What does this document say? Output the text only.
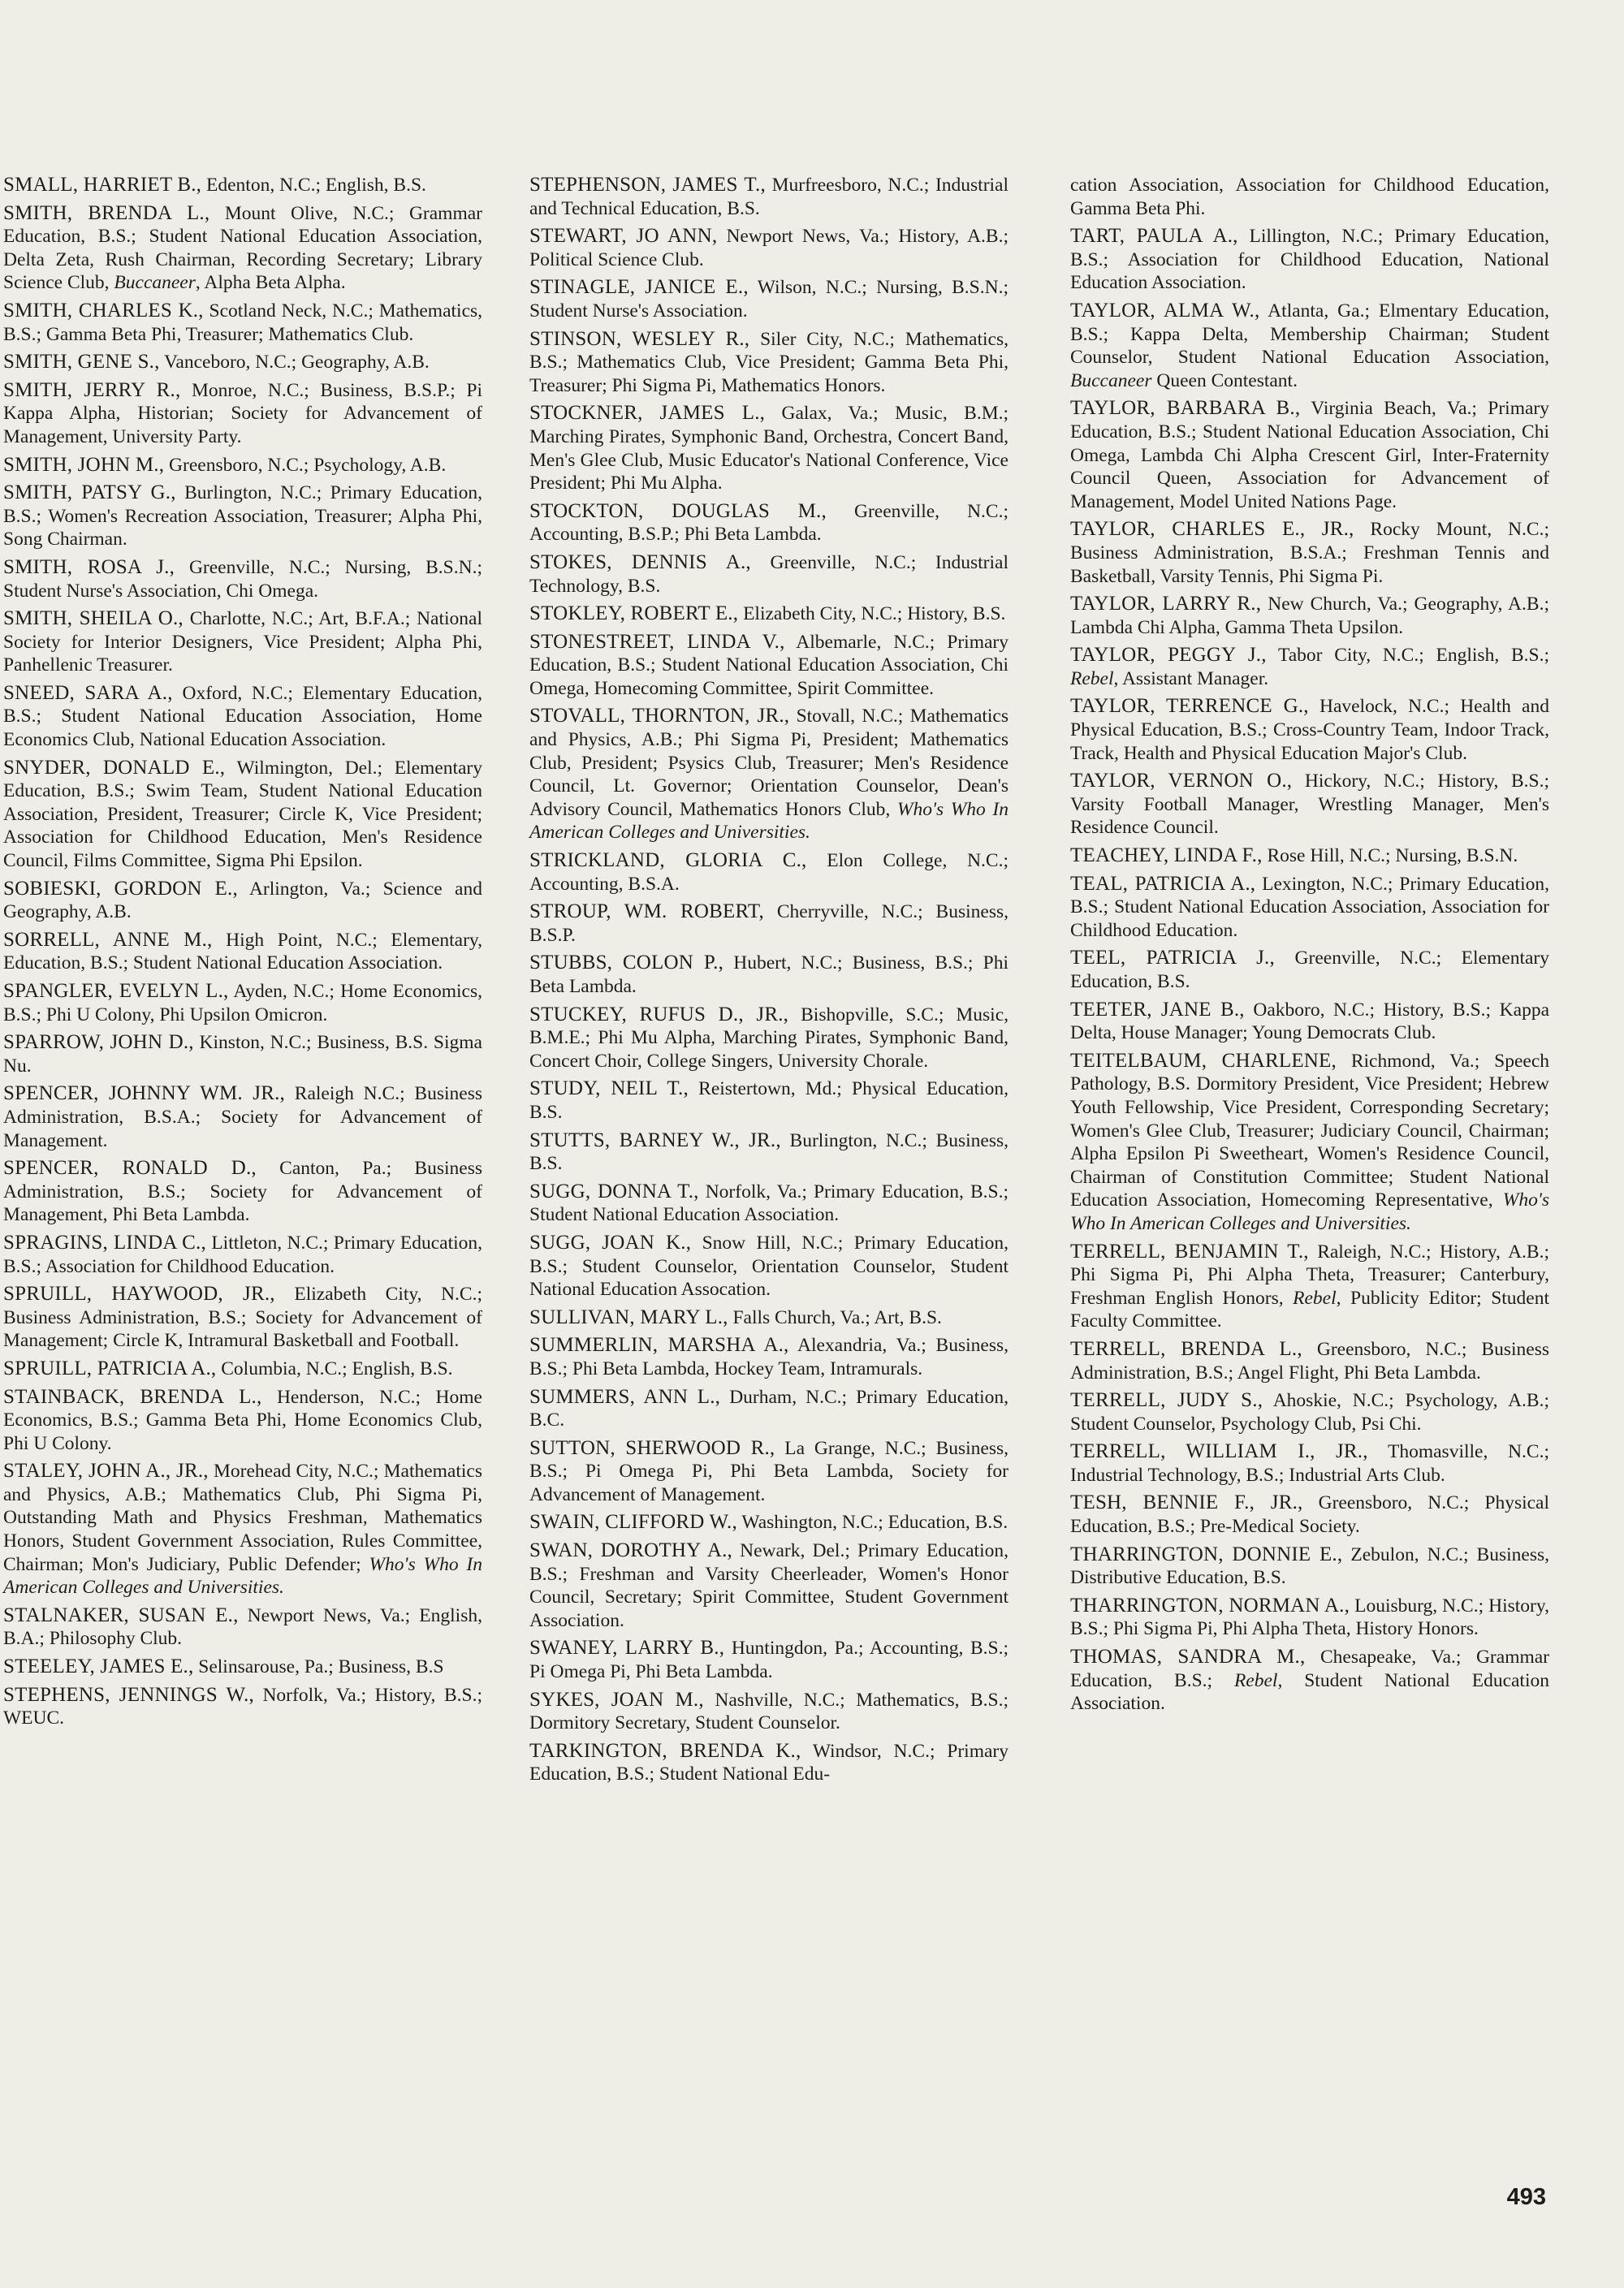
SMALL, HARRIET B., Edenton, N.C.; English, B.S.

SMITH, BRENDA L., Mount Olive, N.C.; Grammar Education, B.S.; Student National Education Association, Delta Zeta, Rush Chairman, Recording Secretary; Library Science Club, Buccaneer, Alpha Beta Alpha.

SMITH, CHARLES K., Scotland Neck, N.C.; Mathematics, B.S.; Gamma Beta Phi, Treasurer; Mathematics Club.

SMITH, GENE S., Vanceboro, N.C.; Geography, A.B.

SMITH, JERRY R., Monroe, N.C.; Business, B.S.P.; Pi Kappa Alpha, Historian; Society for Advancement of Management, University Party.

SMITH, JOHN M., Greensboro, N.C.; Psychology, A.B.

SMITH, PATSY G., Burlington, N.C.; Primary Education, B.S.; Women's Recreation Association, Treasurer; Alpha Phi, Song Chairman.

SMITH, ROSA J., Greenville, N.C.; Nursing, B.S.N.; Student Nurse's Association, Chi Omega.

SMITH, SHEILA O., Charlotte, N.C.; Art, B.F.A.; National Society for Interior Designers, Vice President; Alpha Phi, Panhellenic Treasurer.

SNEED, SARA A., Oxford, N.C.; Elementary Education, B.S.; Student National Education Association, Home Economics Club, National Education Association.

SNYDER, DONALD E., Wilmington, Del.; Elementary Education, B.S.; Swim Team, Student National Education Association, President, Treasurer; Circle K, Vice President; Association for Childhood Education, Men's Residence Council, Films Committee, Sigma Phi Epsilon.

SOBIESKI, GORDON E., Arlington, Va.; Science and Geography, A.B.

SORRELL, ANNE M., High Point, N.C.; Elementary, Education, B.S.; Student National Education Association.

SPANGLER, EVELYN L., Ayden, N.C.; Home Economics, B.S.; Phi U Colony, Phi Upsilon Omicron.

SPARROW, JOHN D., Kinston, N.C.; Business, B.S. Sigma Nu.

SPENCER, JOHNNY WM. JR., Raleigh N.C.; Business Administration, B.S.A.; Society for Advancement of Management.

SPENCER, RONALD D., Canton, Pa.; Business Administration, B.S.; Society for Advancement of Management, Phi Beta Lambda.

SPRAGINS, LINDA C., Littleton, N.C.; Primary Education, B.S.; Association for Childhood Education.

SPRUILL, HAYWOOD, JR., Elizabeth City, N.C.; Business Administration, B.S.; Society for Advancement of Management; Circle K, Intramural Basketball and Football.

SPRUILL, PATRICIA A., Columbia, N.C.; English, B.S.

STAINBACK, BRENDA L., Henderson, N.C.; Home Economics, B.S.; Gamma Beta Phi, Home Economics Club, Phi U Colony.

STALEY, JOHN A., JR., Morehead City, N.C.; Mathematics and Physics, A.B.; Mathematics Club, Phi Sigma Pi, Outstanding Math and Physics Freshman, Mathematics Honors, Student Government Association, Rules Committee, Chairman; Mon's Judiciary, Public Defender; Who's Who In American Colleges and Universities.

STALNAKER, SUSAN E., Newport News, Va.; English, B.A.; Philosophy Club.

STEELEY, JAMES E., Selinsarouse, Pa.; Business, B.S

STEPHENS, JENNINGS W., Norfolk, Va.; History, B.S.; WEUC.

STEPHENSON, JAMES T., Murfreesboro, N.C.; Industrial and Technical Education, B.S.

STEWART, JO ANN, Newport News, Va.; History, A.B.; Political Science Club.

STINAGLE, JANICE E., Wilson, N.C.; Nursing, B.S.N.; Student Nurse's Association.

STINSON, WESLEY R., Siler City, N.C.; Mathematics, B.S.; Mathematics Club, Vice President; Gamma Beta Phi, Treasurer; Phi Sigma Pi, Mathematics Honors.

STOCKNER, JAMES L., Galax, Va.; Music, B.M.; Marching Pirates, Symphonic Band, Orchestra, Concert Band, Men's Glee Club, Music Educator's National Conference, Vice President; Phi Mu Alpha.

STOCKTON, DOUGLAS M., Greenville, N.C.; Accounting, B.S.P.; Phi Beta Lambda.

STOKES, DENNIS A., Greenville, N.C.; Industrial Technology, B.S.

STOKLEY, ROBERT E., Elizabeth City, N.C.; History, B.S.

STONESTREET, LINDA V., Albemarle, N.C.; Primary Education, B.S.; Student National Education Association, Chi Omega, Homecoming Committee, Spirit Committee.

STOVALL, THORNTON, JR., Stovall, N.C.; Mathematics and Physics, A.B.; Phi Sigma Pi, President; Mathematics Club, President; Psysics Club, Treasurer; Men's Residence Council, Lt. Governor; Orientation Counselor, Dean's Advisory Council, Mathematics Honors Club, Who's Who In American Colleges and Universities.

STRICKLAND, GLORIA C., Elon College, N.C.; Accounting, B.S.A.

STROUP, WM. ROBERT, Cherryville, N.C.; Business, B.S.P.

STUBBS, COLON P., Hubert, N.C.; Business, B.S.; Phi Beta Lambda.

STUCKEY, RUFUS D., JR., Bishopville, S.C.; Music, B.M.E.; Phi Mu Alpha, Marching Pirates, Symphonic Band, Concert Choir, College Singers, University Chorale.

STUDY, NEIL T., Reistertown, Md.; Physical Education, B.S.

STUTTS, BARNEY W., JR., Burlington, N.C.; Business, B.S.

SUGG, DONNA T., Norfolk, Va.; Primary Education, B.S.; Student National Education Association.

SUGG, JOAN K., Snow Hill, N.C.; Primary Education, B.S.; Student Counselor, Orientation Counselor, Student National Education Assocation.

SULLIVAN, MARY L., Falls Church, Va.; Art, B.S.

SUMMERLIN, MARSHA A., Alexandria, Va.; Business, B.S.; Phi Beta Lambda, Hockey Team, Intramurals.

SUMMERS, ANN L., Durham, N.C.; Primary Education, B.C.

SUTTON, SHERWOOD R., La Grange, N.C.; Business, B.S.; Pi Omega Pi, Phi Beta Lambda, Society for Advancement of Management.

SWAIN, CLIFFORD W., Washington, N.C.; Education, B.S.

SWAN, DOROTHY A., Newark, Del.; Primary Education, B.S.; Freshman and Varsity Cheerleader, Women's Honor Council, Secretary; Spirit Committee, Student Government Association.

SWANEY, LARRY B., Huntingdon, Pa.; Accounting, B.S.; Pi Omega Pi, Phi Beta Lambda.

SYKES, JOAN M., Nashville, N.C.; Mathematics, B.S.; Dormitory Secretary, Student Counselor.

TARKINGTON, BRENDA K., Windsor, N.C.; Primary Education, B.S.; Student National Edu-

cation Association, Association for Childhood Education, Gamma Beta Phi.

TART, PAULA A., Lillington, N.C.; Primary Education, B.S.; Association for Childhood Education, National Education Association.

TAYLOR, ALMA W., Atlanta, Ga.; Elmentary Education, B.S.; Kappa Delta, Membership Chairman; Student Counselor, Student National Education Association, Buccaneer Queen Contestant.

TAYLOR, BARBARA B., Virginia Beach, Va.; Primary Education, B.S.; Student National Education Association, Chi Omega, Lambda Chi Alpha Crescent Girl, Inter-Fraternity Council Queen, Association for Advancement of Management, Model United Nations Page.

TAYLOR, CHARLES E., JR., Rocky Mount, N.C.; Business Administration, B.S.A.; Freshman Tennis and Basketball, Varsity Tennis, Phi Sigma Pi.

TAYLOR, LARRY R., New Church, Va.; Geography, A.B.; Lambda Chi Alpha, Gamma Theta Upsilon.

TAYLOR, PEGGY J., Tabor City, N.C.; English, B.S.; Rebel, Assistant Manager.

TAYLOR, TERRENCE G., Havelock, N.C.; Health and Physical Education, B.S.; Cross-Country Team, Indoor Track, Track, Health and Physical Education Major's Club.

TAYLOR, VERNON O., Hickory, N.C.; History, B.S.; Varsity Football Manager, Wrestling Manager, Men's Residence Council.

TEACHEY, LINDA F., Rose Hill, N.C.; Nursing, B.S.N.

TEAL, PATRICIA A., Lexington, N.C.; Primary Education, B.S.; Student National Education Association, Association for Childhood Education.

TEEL, PATRICIA J., Greenville, N.C.; Elementary Education, B.S.

TEETER, JANE B., Oakboro, N.C.; History, B.S.; Kappa Delta, House Manager; Young Democrats Club.

TEITELBAUM, CHARLENE, Richmond, Va.; Speech Pathology, B.S. Dormitory President, Vice President; Hebrew Youth Fellowship, Vice President, Corresponding Secretary; Women's Glee Club, Treasurer; Judiciary Council, Chairman; Alpha Epsilon Pi Sweetheart, Women's Residence Council, Chairman of Constitution Committee; Student National Education Association, Homecoming Representative, Who's Who In American Colleges and Universities.

TERRELL, BENJAMIN T., Raleigh, N.C.; History, A.B.; Phi Sigma Pi, Phi Alpha Theta, Treasurer; Canterbury, Freshman English Honors, Rebel, Publicity Editor; Student Faculty Committee.

TERRELL, BRENDA L., Greensboro, N.C.; Business Administration, B.S.; Angel Flight, Phi Beta Lambda.

TERRELL, JUDY S., Ahoskie, N.C.; Psychology, A.B.; Student Counselor, Psychology Club, Psi Chi.

TERRELL, WILLIAM I., JR., Thomasville, N.C.; Industrial Technology, B.S.; Industrial Arts Club.

TESH, BENNIE F., JR., Greensboro, N.C.; Physical Education, B.S.; Pre-Medical Society.

THARRINGTON, DONNIE E., Zebulon, N.C.; Business, Distributive Education, B.S.

THARRINGTON, NORMAN A., Louisburg, N.C.; History, B.S.; Phi Sigma Pi, Phi Alpha Theta, History Honors.

THOMAS, SANDRA M., Chesapeake, Va.; Grammar Education, B.S.; Rebel, Student National Education Association.

493
